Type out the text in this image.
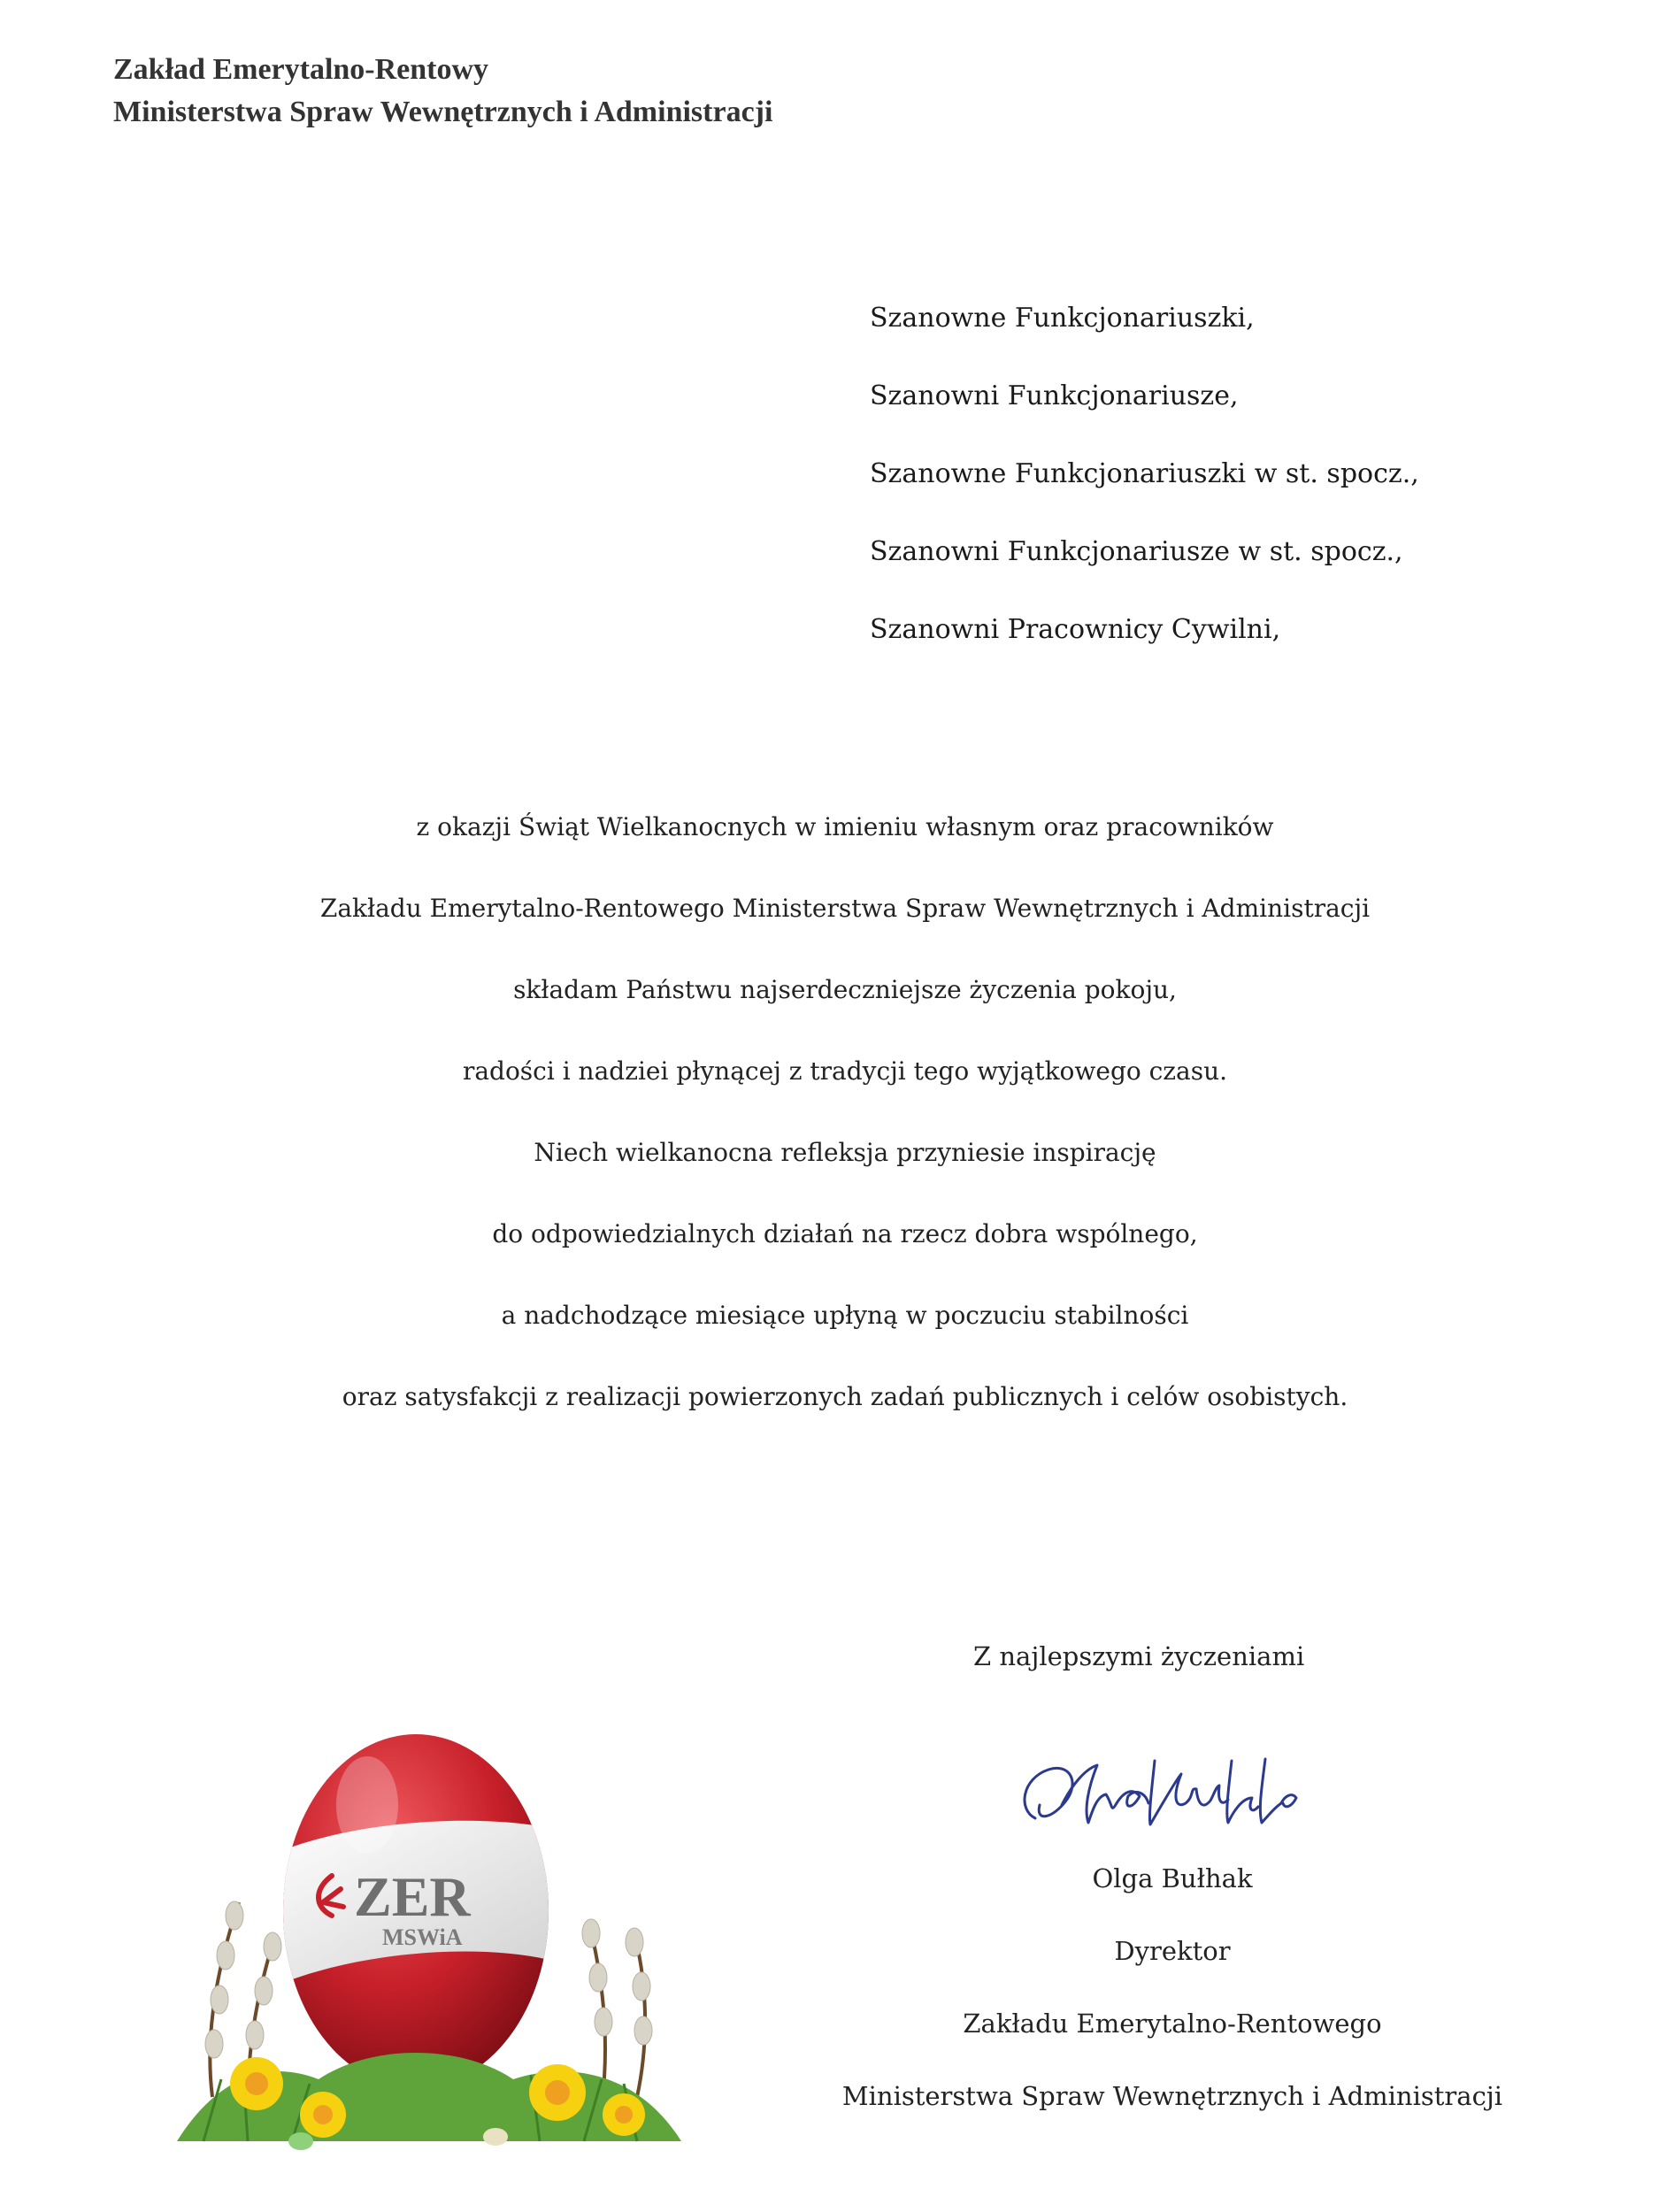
Zakład Emerytalno-Rentowy
Ministerstwa Spraw Wewnętrznych i Administracji
Szanowne Funkcjonariuszki,
Szanowni Funkcjonariusze,
Szanowne Funkcjonariuszki w st. spocz.,
Szanowni Funkcjonariusze w st. spocz.,
Szanowni Pracownicy Cywilni,
z okazji Świąt Wielkanocnych w imieniu własnym oraz pracowników
Zakładu Emerytalno-Rentowego Ministerstwa Spraw Wewnętrznych i Administracji
składam Państwu najserdeczniejsze życzenia pokoju,
radości i nadziei płynącej z tradycji tego wyjątkowego czasu.
Niech wielkanocna refleksja przyniesie inspirację
do odpowiedzialnych działań na rzecz dobra wspólnego,
a nadchodzące miesiące upłyną w poczuciu stabilności
oraz satysfakcji z realizacji powierzonych zadań publicznych i celów osobistych.
Z najlepszymi życzeniami
Olga Bułhak
Dyrektor
Zakładu Emerytalno-Rentowego
Ministerstwa Spraw Wewnętrznych i Administracji
ZER
MSWiA
